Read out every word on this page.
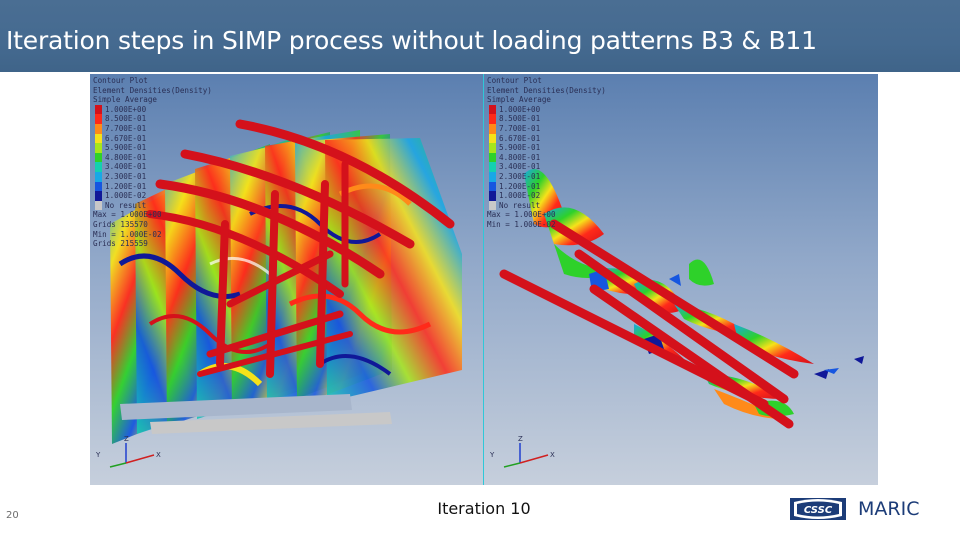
Iteration steps in SIMP process without loading patterns B3 & B11
Contour Plot
Element Densities(Density)
Simple Average
1.000E+00
8.500E-01
7.700E-01
6.670E-01
5.900E-01
4.800E-01
3.400E-01
2.300E-01
1.200E-01
1.000E-02
No result
Max = 1.000E+00
Grids 135570
Min = 1.000E-02
Grids 215559
Z
Y	X
Contour Plot
Element Densities(Density)
Simple Average
1.000E+00
8.500E-01
7.700E-01
6.670E-01
5.900E-01
4.800E-01
3.400E-01
2.300E-01
1.200E-01
1.000E-02
No result
Max = 1.000E+00
Min = 1.000E-02
Z
Y	X
20	Iteration 10	CSSC MARIC
